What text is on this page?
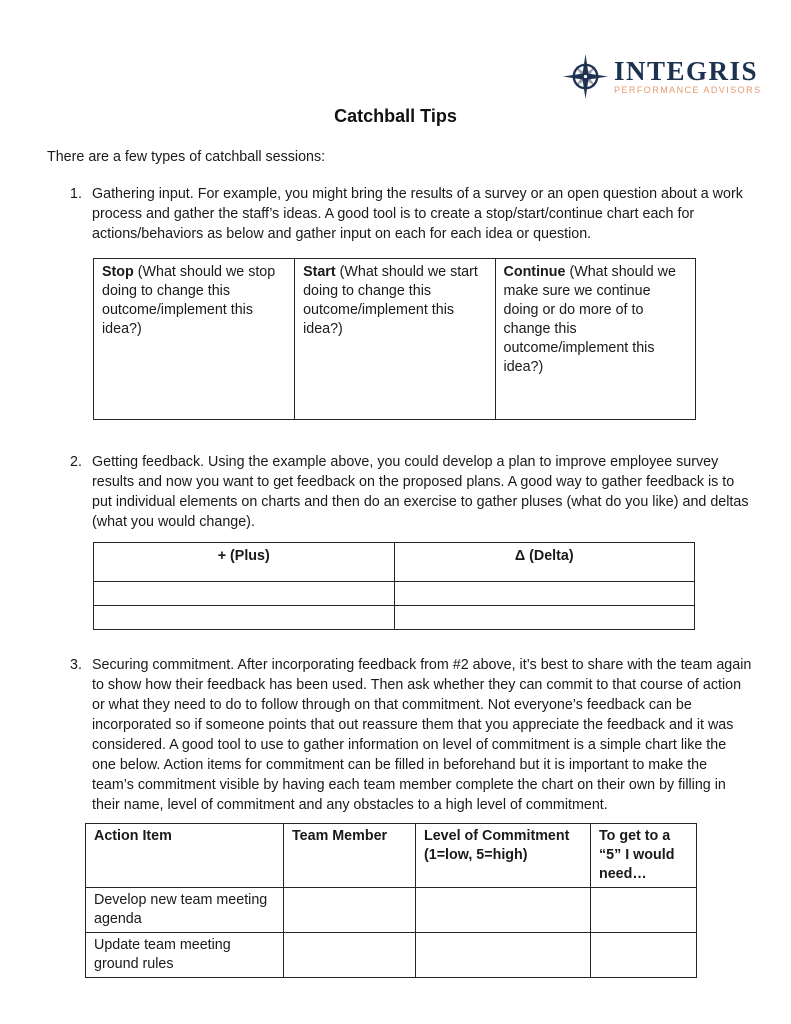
INTEGRIS
PERFORMANCE ADVISORS
Catchball Tips
There are a few types of catchball sessions:
1. Gathering input. For example, you might bring the results of a survey or an open question about a work process and gather the staff’s ideas. A good tool is to create a stop/start/continue chart each for actions/behaviors as below and gather input on each for each idea or question.
Stop (What should we stop doing to change this outcome/implement this idea?)	Start (What should we start doing to change this outcome/implement this idea?)	Continue (What should we make sure we continue doing or do more of to change this outcome/implement this idea?)
2. Getting feedback. Using the example above, you could develop a plan to improve employee survey results and now you want to get feedback on the proposed plans. A good way to gather feedback is to put individual elements on charts and then do an exercise to gather pluses (what do you like) and deltas (what you would change).
+ (Plus)	Δ (Delta)

3. Securing commitment. After incorporating feedback from #2 above, it’s best to share with the team again to show how their feedback has been used. Then ask whether they can commit to that course of action or what they need to do to follow through on that commitment. Not everyone’s feedback can be incorporated so if someone points that out reassure them that you appreciate the feedback and it was considered. A good tool to use to gather information on level of commitment is a simple chart like the one below. Action items for commitment can be filled in beforehand but it is important to make the team’s commitment visible by having each team member complete the chart on their own by filling in their name, level of commitment and any obstacles to a high level of commitment.
Action Item	Team Member	Level of Commitment (1=low, 5=high)	To get to a “5” I would need…
Develop new team meeting agenda			
Update team meeting ground rules			
